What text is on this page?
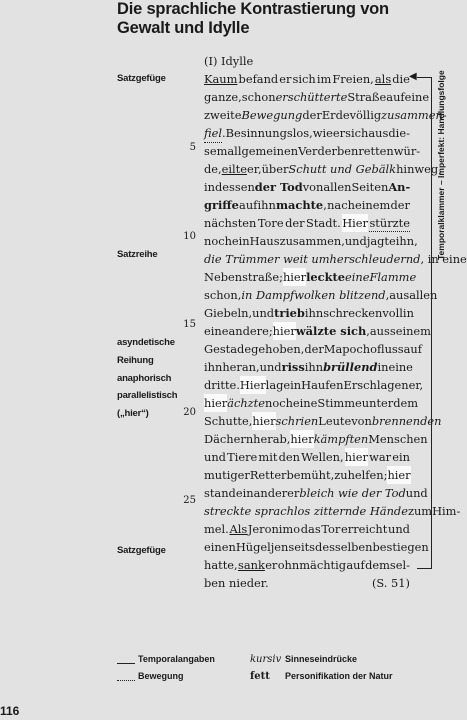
Die sprachliche Kontrastierung von Gewalt und Idylle
Satzgefüge
Satzreihe
asyndetische
Reihung
anaphorisch
parallelistisch
(„hier“)
Satzgefüge
5
10
15
20
25
(I) Idylle
Kaum befand er sich im Freien, als die
ganze, schon erschütterte Straße auf eine
zweite Bewegung der Erde völlig zusammen-
fiel. Besinnungslos, wie er sich aus die-
sem allgemeinen Verderben retten wür-
de, eilte er, über Schutt und Gebälk hinweg,
indessen der Tod von allen Seiten An-
griffe auf ihn machte , nach einem der
nächsten Tore der Stadt. Hier stürzte
noch ein Haus zusammen, und jagte ihn,
die Trümmer weit umherschleudernd , in eine
Nebenstraße; hier leckte eine Flamme
schon, in Dampfwolken blitzend , aus allen
Giebeln, und trieb ihn schreckenvoll in
eine andere; hier wälzte sich , aus seinem
Gestade gehoben, der Mapochofluss auf
ihn heran, und riss ihn brüllend in eine
dritte. Hier lag ein Haufen Erschlagener,
hier ächzte noch eine Stimme unter dem
Schutte, hier schrien Leute von brennenden
Dächern herab, hier kämpften Menschen
und Tiere mit den Wellen, hier war ein
mutiger Retter bemüht, zu helfen; hier
stand ein anderer bleich wie der Tod und
streckte sprachlos zitternde Hände zum Him-
mel. Als Jeronimo das Tor erreicht und
einen Hügel jenseits desselben bestiegen
hatte, sank er ohnmächtig auf demsel-
ben
nieder.	(S. 51)
◀ Temporalklammer – Imperfekt: Handlungsfolge
Temporalangaben
Bewegung
kursiv Sinneseindrücke
fett Personifikation der Natur
116
